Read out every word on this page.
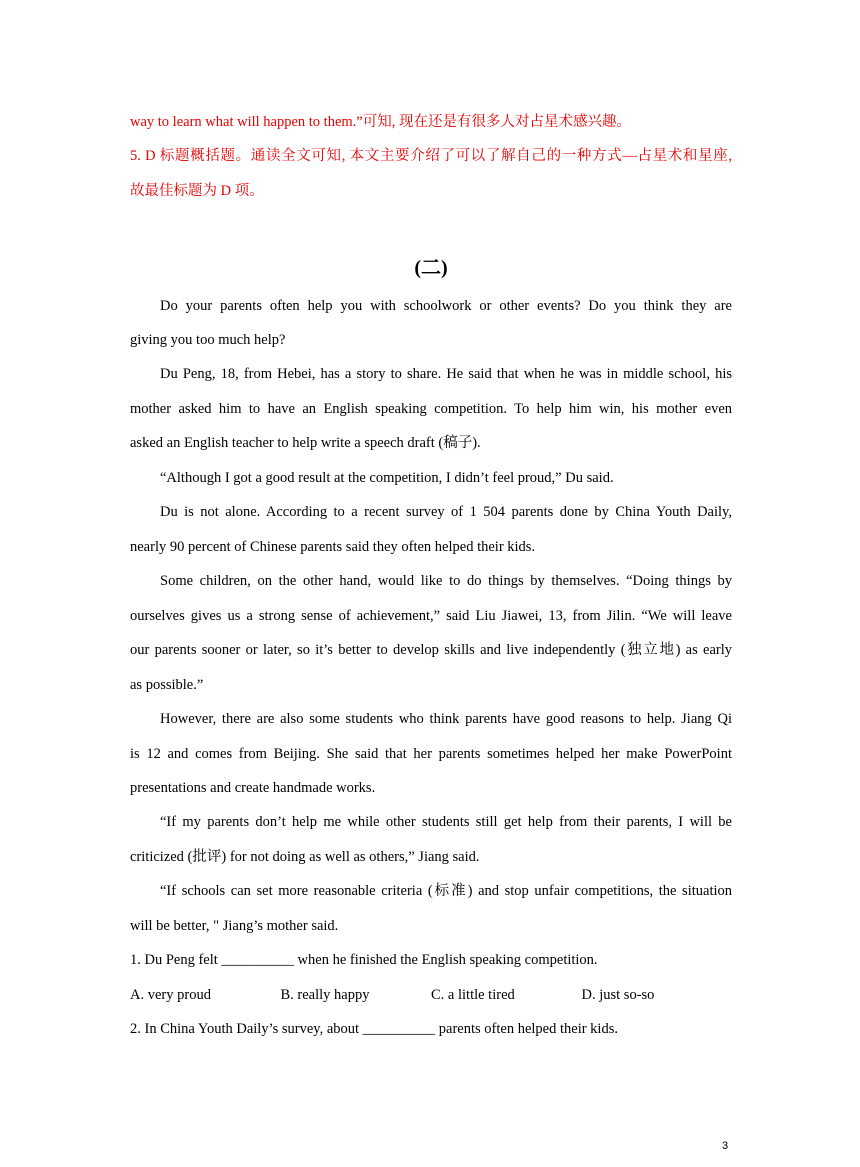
way to learn what will happen to them.”可知, 现在还是有很多人对占星术感兴趣。
5. D 标题概括题。通读全文可知, 本文主要介绍了可以了解自己的一种方式—占星术和星座,
故最佳标题为 D 项。
(二)
Do your parents often help you with schoolwork or other events? Do you think they are
giving you too much help?
Du Peng, 18, from Hebei, has a story to share. He said that when he was in middle school, his
mother asked him to have an English speaking competition. To help him win, his mother even
asked an English teacher to help write a speech draft (稿子).
“Although I got a good result at the competition, I didn’t feel proud,” Du said.
Du is not alone. According to a recent survey of 1 504 parents done by China Youth Daily,
nearly 90 percent of Chinese parents said they often helped their kids.
Some children, on the other hand, would like to do things by themselves. “Doing things by
ourselves gives us a strong sense of achievement,” said Liu Jiawei, 13, from Jilin. “We will leave
our parents sooner or later, so it’s better to develop skills and live independently (独立地) as early
as possible.”
However, there are also some students who think parents have good reasons to help. Jiang Qi
is 12 and comes from Beijing. She said that her parents sometimes helped her make PowerPoint
presentations and create handmade works.
“If my parents don’t help me while other students still get help from their parents, I will be
criticized (批评) for not doing as well as others,” Jiang said.
“If schools can set more reasonable criteria (标准) and stop unfair competitions, the situation
will be better, " Jiang’s mother said.
1. Du Peng felt __________ when he finished the English speaking competition.
A. very proud	B. really happy	C. a little tired	D. just so-so
2. In China Youth Daily’s survey, about __________ parents often helped their kids.
3
